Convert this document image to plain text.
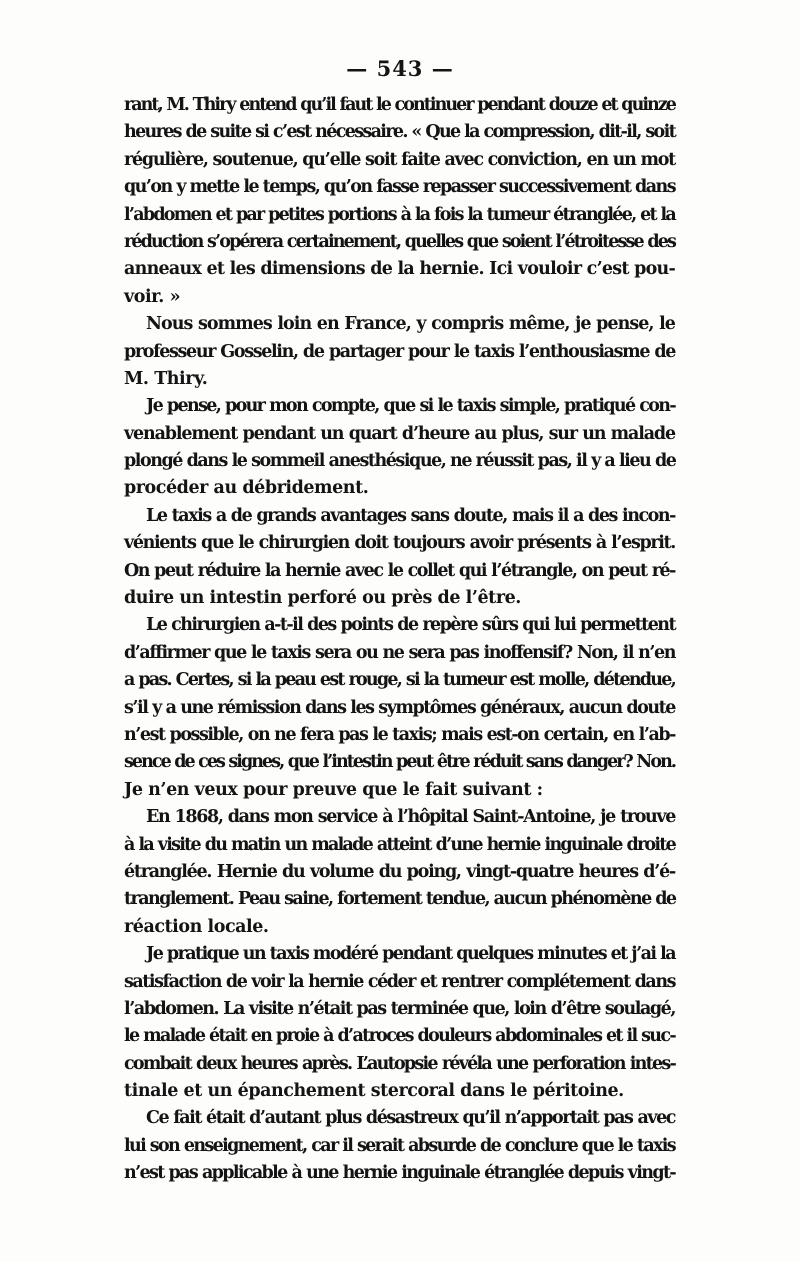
— 543 —
rant, M. Thiry entend qu’il faut le continuer pendant douze et quinze
heures de suite si c’est nécessaire. « Que la compression, dit-il, soit
régulière, soutenue, qu’elle soit faite avec conviction, en un mot
qu’on y mette le temps, qu’on fasse repasser successivement dans
l’abdomen et par petites portions à la fois la tumeur étranglée, et la
réduction s’opérera certainement, quelles que soient l’étroitesse des
anneaux et les dimensions de la hernie. Ici vouloir c’est pou-
voir. »
Nous sommes loin en France, y compris même, je pense, le
professeur Gosselin, de partager pour le taxis l’enthousiasme de
M. Thiry.
Je pense, pour mon compte, que si le taxis simple, pratiqué con-
venablement pendant un quart d’heure au plus, sur un malade
plongé dans le sommeil anesthésique, ne réussit pas, il y a lieu de
procéder au débridement.
Le taxis a de grands avantages sans doute, mais il a des incon-
vénients que le chirurgien doit toujours avoir présents à l’esprit.
On peut réduire la hernie avec le collet qui l’étrangle, on peut ré-
duire un intestin perforé ou près de l’être.
Le chirurgien a-t-il des points de repère sûrs qui lui permettent
d’affirmer que le taxis sera ou ne sera pas inoffensif? Non, il n’en
a pas. Certes, si la peau est rouge, si la tumeur est molle, détendue,
s’il y a une rémission dans les symptômes généraux, aucun doute
n’est possible, on ne fera pas le taxis; mais est-on certain, en l’ab-
sence de ces signes, que l’intestin peut être réduit sans danger? Non.
Je n’en veux pour preuve que le fait suivant :
En 1868, dans mon service à l’hôpital Saint-Antoine, je trouve
à la visite du matin un malade atteint d’une hernie inguinale droite
étranglée. Hernie du volume du poing, vingt-quatre heures d’é-
tranglement. Peau saine, fortement tendue, aucun phénomène de
réaction locale.
Je pratique un taxis modéré pendant quelques minutes et j’ai la
satisfaction de voir la hernie céder et rentrer complétement dans
l’abdomen. La visite n’était pas terminée que, loin d’être soulagé,
le malade était en proie à d’atroces douleurs abdominales et il suc-
combait deux heures après. L’autopsie révéla une perforation intes-
tinale et un épanchement stercoral dans le péritoine.
Ce fait était d’autant plus désastreux qu’il n’apportait pas avec
lui son enseignement, car il serait absurde de conclure que le taxis
n’est pas applicable à une hernie inguinale étranglée depuis vingt-
